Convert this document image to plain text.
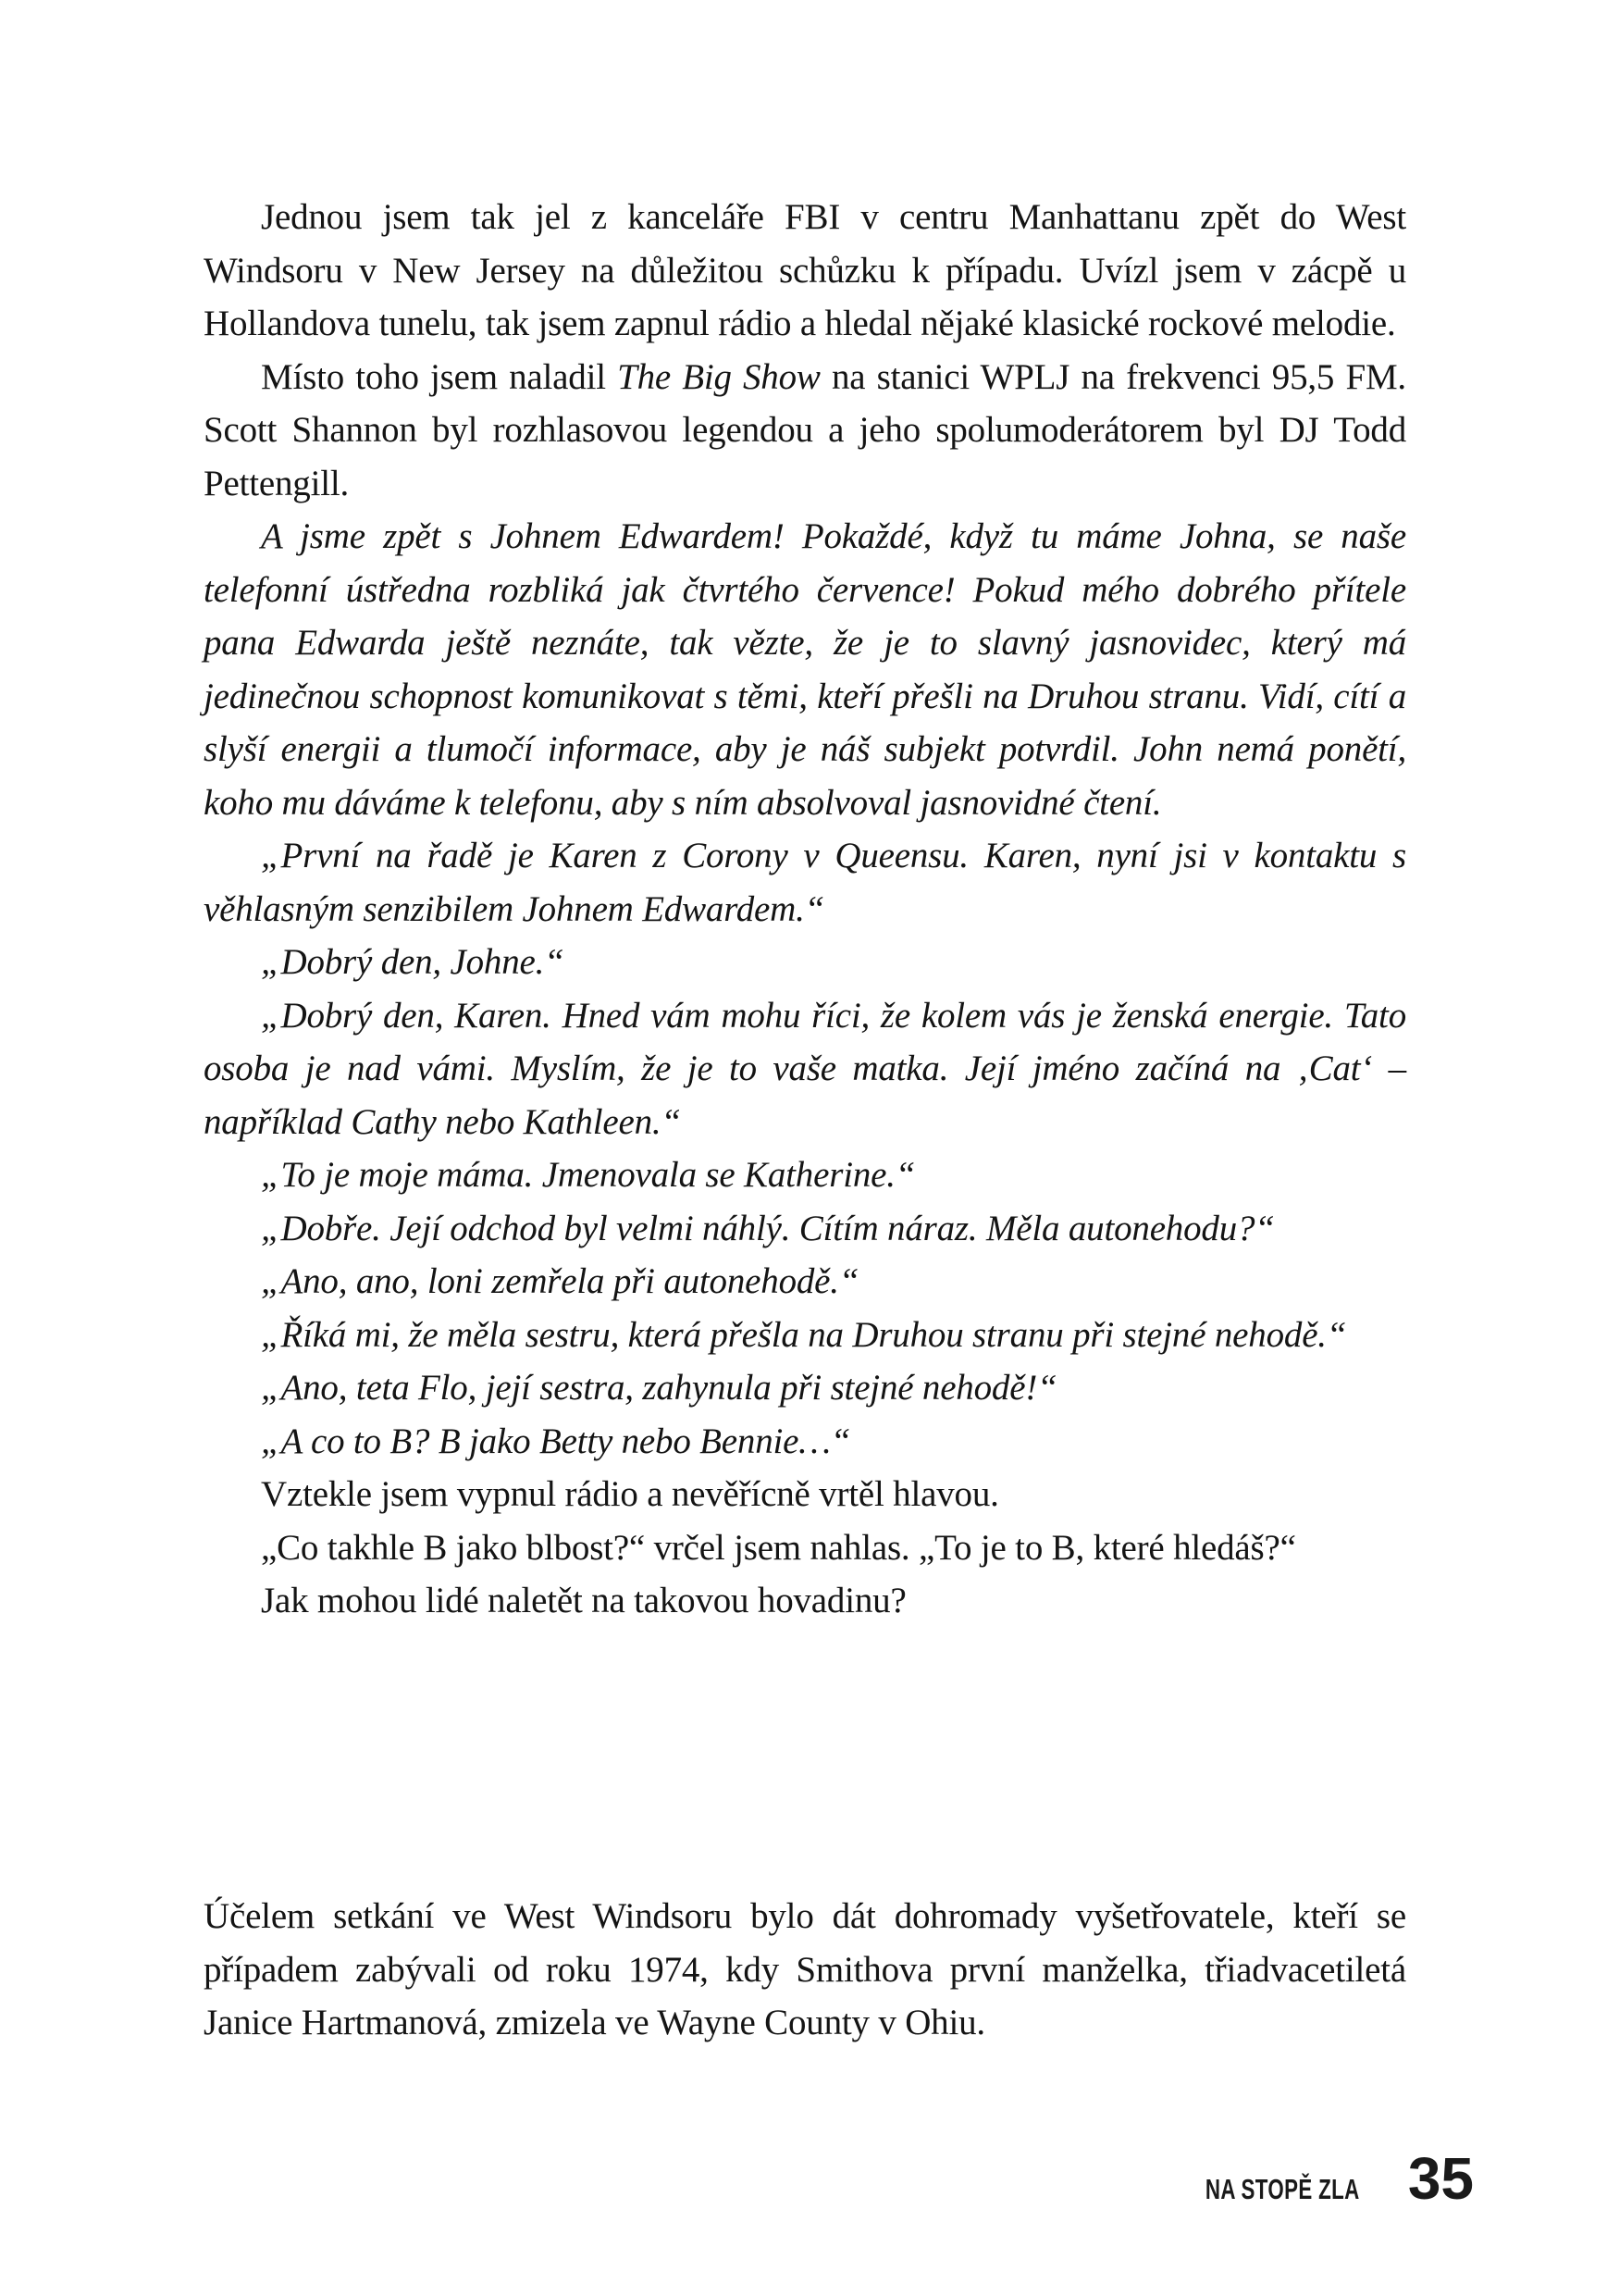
Jednou jsem tak jel z kanceláře FBI v centru Manhattanu zpět do West Windsoru v New Jersey na důležitou schůzku k případu. Uvízl jsem v zácpě u Hollandova tunelu, tak jsem zapnul rádio a hledal nějaké klasické rockové melodie.

Místo toho jsem naladil The Big Show na stanici WPLJ na frekvenci 95,5 FM. Scott Shannon byl rozhlasovou legendou a jeho spolumoderátorem byl DJ Todd Pettengill.

A jsme zpět s Johnem Edwardem! Pokaždé, když tu máme Johna, se naše telefonní ústředna rozbliká jak čtvrtého července! Pokud mého dobrého přítele pana Edwarda ještě neznáte, tak vězte, že je to slavný jasnovidec, který má jedinečnou schopnost komunikovat s těmi, kteří přešli na Druhou stranu. Vidí, cítí a slyší energii a tlumočí informace, aby je náš subjekt potvrdil. John nemá ponětí, koho mu dáváme k telefonu, aby s ním absolvoval jasnovidné čtení.

„První na řadě je Karen z Corony v Queensu. Karen, nyní jsi v kontaktu s věhlasným senzibilem Johnem Edwardem.“

„Dobrý den, Johne.“

„Dobrý den, Karen. Hned vám mohu říci, že kolem vás je ženská energie. Tato osoba je nad vámi. Myslím, že je to vaše matka. Její jméno začíná na ‚Cat‘ – například Cathy nebo Kathleen.“

„To je moje máma. Jmenovala se Katherine.“

„Dobře. Její odchod byl velmi náhlý. Cítím náraz. Měla autonehodu?“

„Ano, ano, loni zemřela při autonehodě.“

„Říká mi, že měla sestru, která přešla na Druhou stranu při stejné nehodě.“

„Ano, teta Flo, její sestra, zahynula při stejné nehodě!“

„A co to B? B jako Betty nebo Bennie…“

Vztekle jsem vypnul rádio a nevěřícně vrtěl hlavou.

„Co takhle B jako blbost?“ vrčel jsem nahlas. „To je to B, které hledáš?“

Jak mohou lidé naletět na takovou hovadinu?

Účelem setkání ve West Windsoru bylo dát dohromady vyšetřovatele, kteří se případem zabývali od roku 1974, kdy Smithova první manželka, třiadvacetiletá Janice Hartmanová, zmizela ve Wayne County v Ohiu.

NA STOPĚ ZLA 35
